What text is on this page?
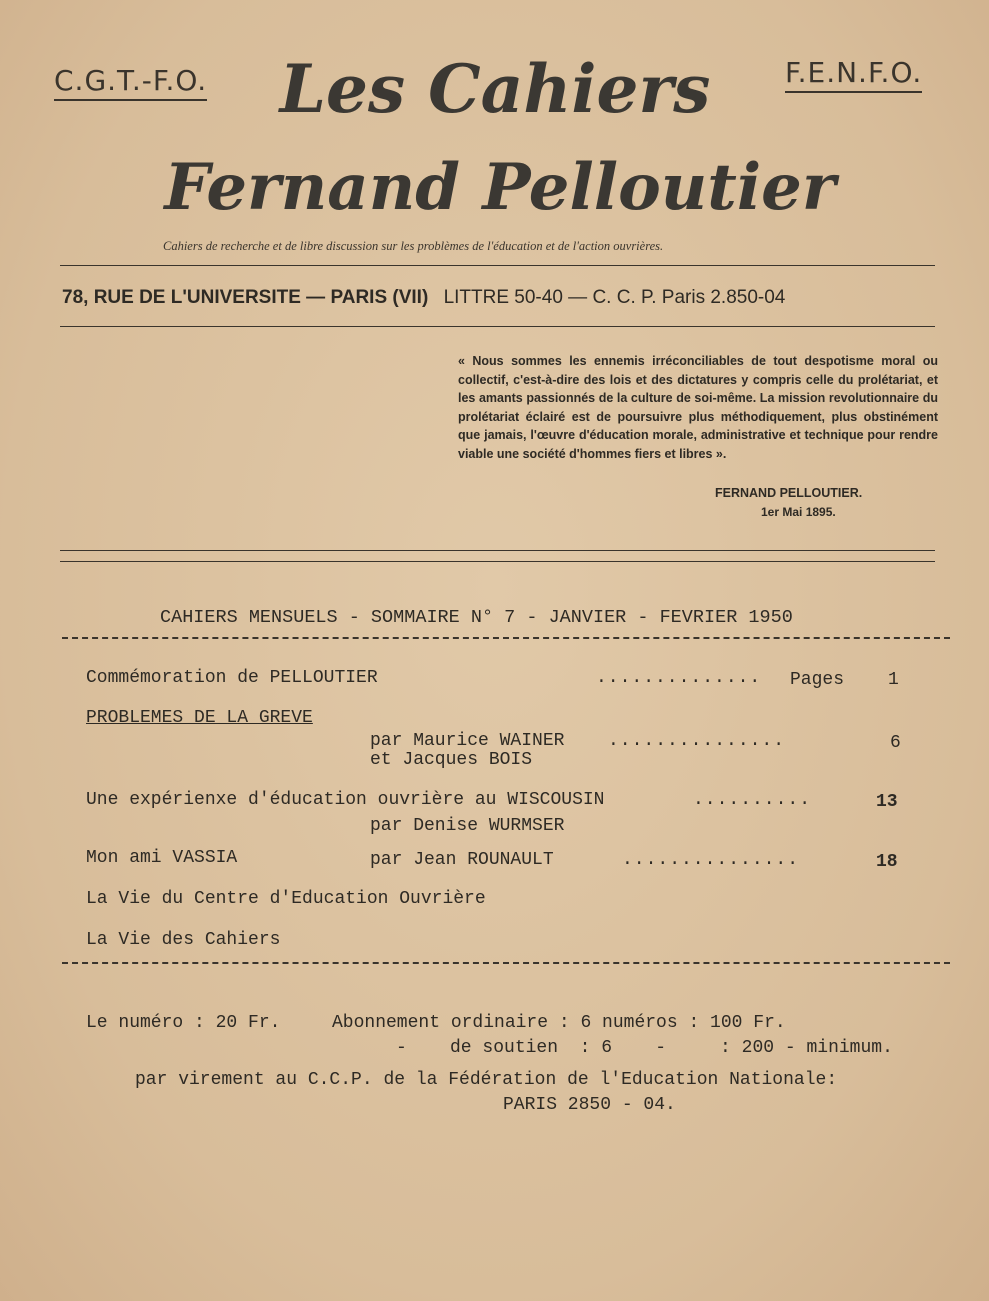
C.G.T.-F.O.	F.E.N.F.O.
Les Cahiers
Fernand Pelloutier
Cahiers de recherche et de libre discussion sur les problèmes de l'éducation et de l'action ouvrières.
78, RUE DE L'UNIVERSITE — PARIS (VII) LITTRE 50-40 — C. C. P. Paris 2.850-04
« Nous sommes les ennemis irréconciliables de tout despotisme moral ou collectif, c'est-à-dire des lois et des dictatures y compris celle du prolétariat, et les amants passionnés de la culture de soi-même. La mission revolutionnaire du prolétariat éclairé est de poursuivre plus méthodiquement, plus obstinément que jamais, l'œuvre d'éducation morale, administrative et technique pour rendre viable une société d'hommes fiers et libres ».
FERNAND PELLOUTIER.
1er Mai 1895.
CAHIERS MENSUELS - SOMMAIRE N° 7 - JANVIER - FEVRIER 1950
Commémoration de PELLOUTIER	.............. Pages 1
PROBLEMES DE LA GREVE
par Maurice WAINER ...............	6
et Jacques BOIS
Une expérienxe d'éducation ouvrière au WISCOUSIN	..........	13
par Denise WURMSER
Mon ami VASSIA	par Jean ROUNAULT	...............	18
La Vie du Centre d'Education Ouvrière
La Vie des Cahiers
Le numéro : 20 Fr.	Abonnement ordinaire : 6 numéros : 100 Fr.
-    de soutien  : 6    -     : 200 - minimum.
par virement au C.C.P. de la Fédération de l'Education Nationale:
PARIS 2850 - 04.
